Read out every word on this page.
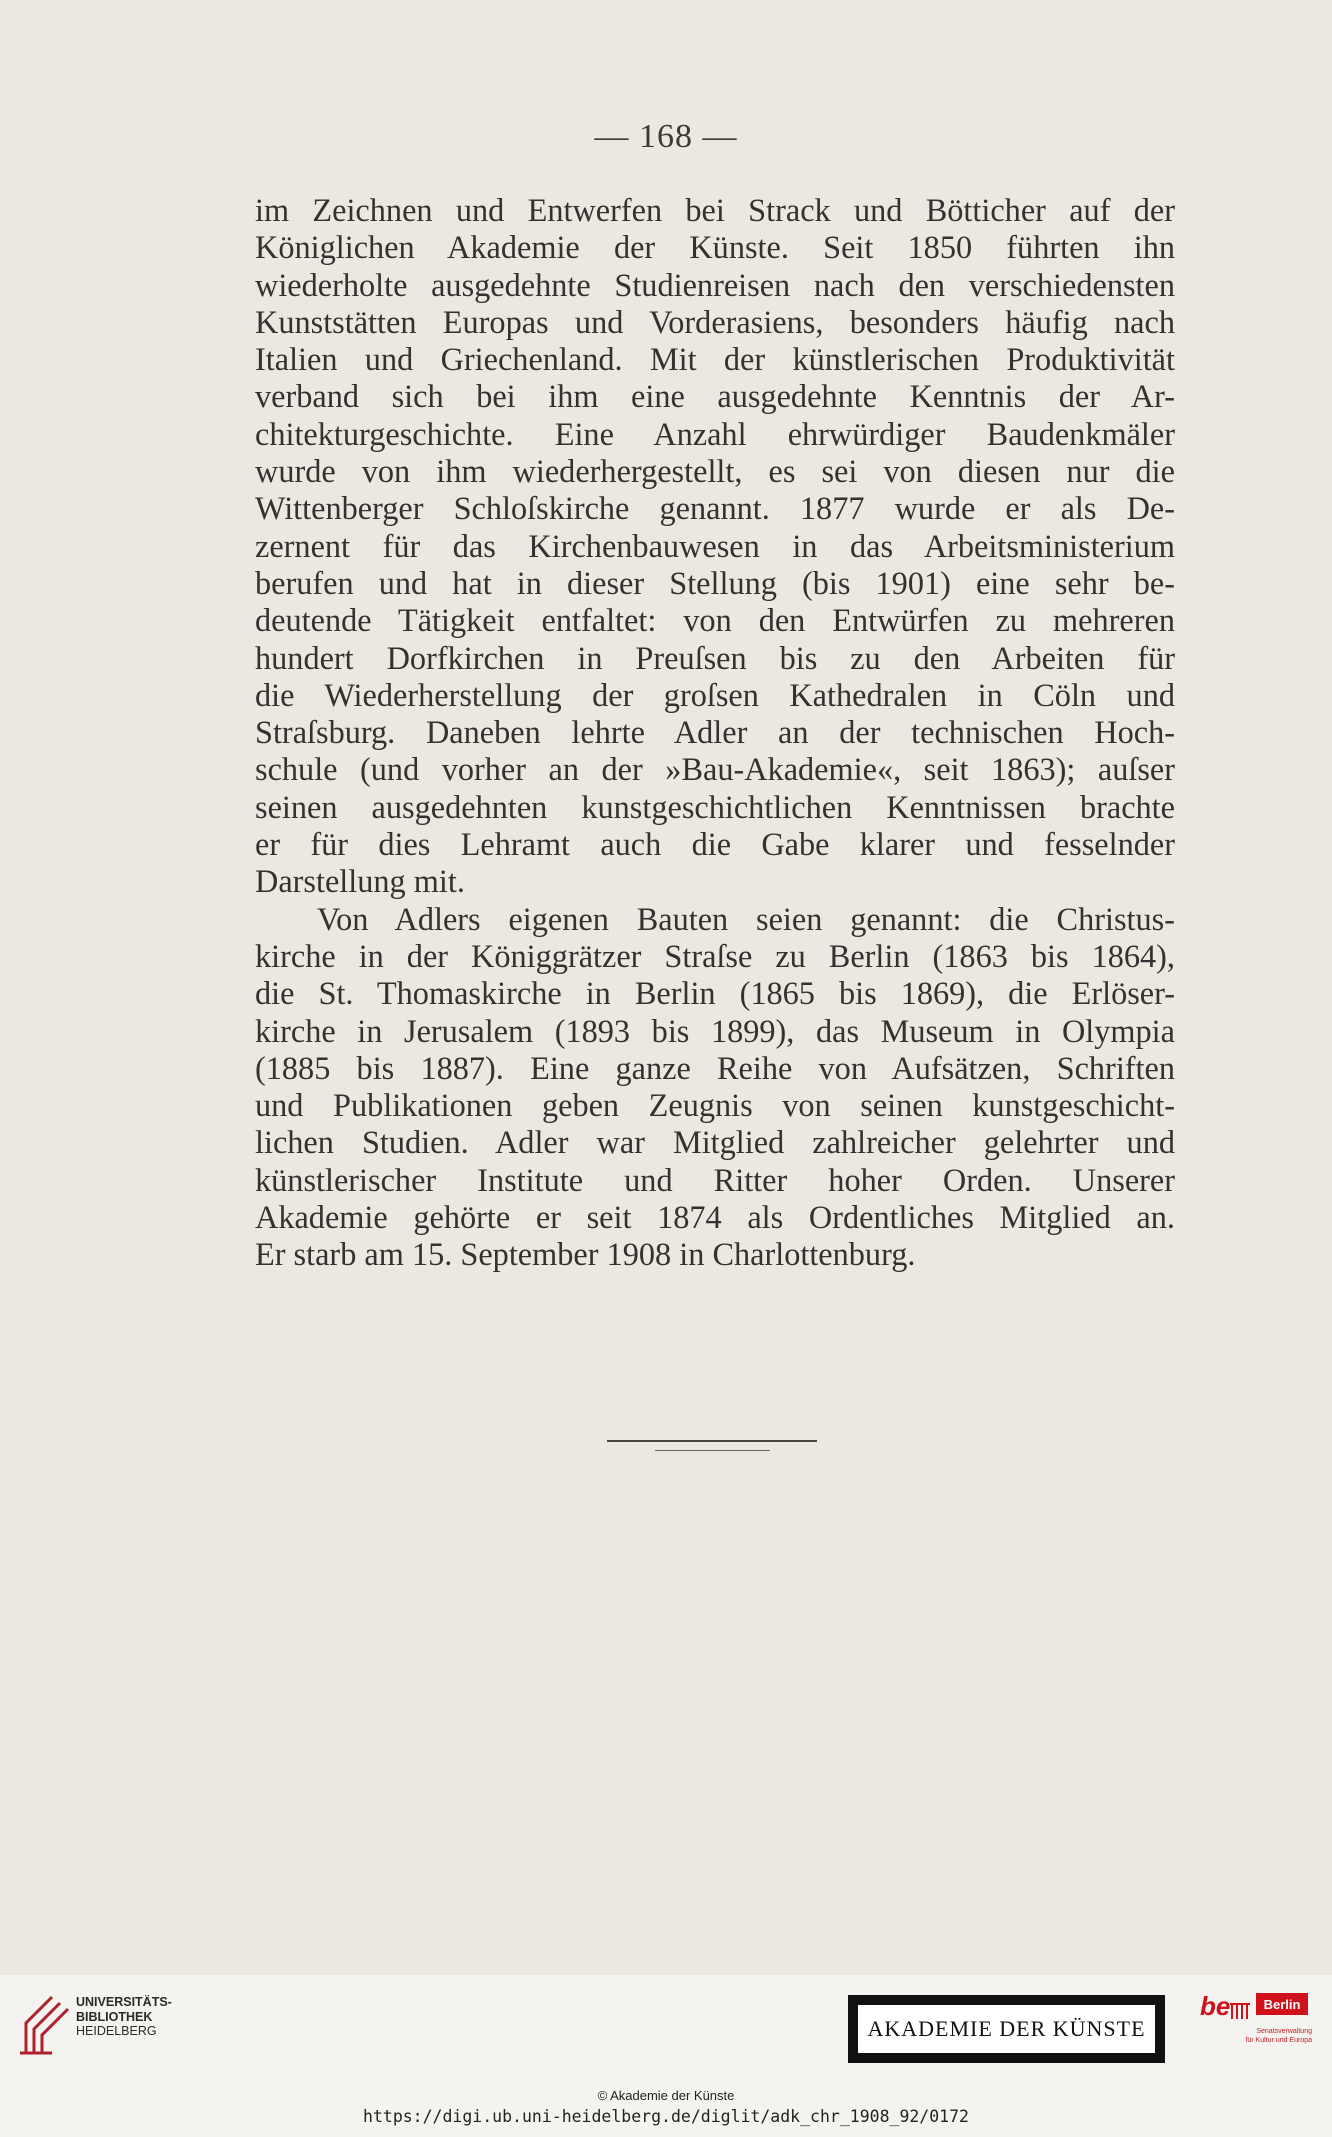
— 168 —
im Zeichnen und Entwerfen bei Strack und Bötticher auf der
Königlichen Akademie der Künste. Seit 1850 führten ihn
wiederholte ausgedehnte Studienreisen nach den verschiedensten
Kunststätten Europas und Vorderasiens, besonders häufig nach
Italien und Griechenland. Mit der künstlerischen Produktivität
verband sich bei ihm eine ausgedehnte Kenntnis der Ar-
chitekturgeschichte. Eine Anzahl ehrwürdiger Baudenkmäler
wurde von ihm wiederhergestellt, es sei von diesen nur die
Wittenberger Schloſskirche genannt. 1877 wurde er als De-
zernent für das Kirchenbauwesen in das Arbeitsministerium
berufen und hat in dieser Stellung (bis 1901) eine sehr be-
deutende Tätigkeit entfaltet: von den Entwürfen zu mehreren
hundert Dorfkirchen in Preuſsen bis zu den Arbeiten für
die Wiederherstellung der groſsen Kathedralen in Cöln und
Straſsburg. Daneben lehrte Adler an der technischen Hoch-
schule (und vorher an der »Bau-Akademie«, seit 1863); auſser
seinen ausgedehnten kunstgeschichtlichen Kenntnissen brachte
er für dies Lehramt auch die Gabe klarer und fesselnder
Darstellung mit.
Von Adlers eigenen Bauten seien genannt: die Christus-
kirche in der Königgrätzer Straſse zu Berlin (1863 bis 1864),
die St. Thomaskirche in Berlin (1865 bis 1869), die Erlöser-
kirche in Jerusalem (1893 bis 1899), das Museum in Olympia
(1885 bis 1887). Eine ganze Reihe von Aufsätzen, Schriften
und Publikationen geben Zeugnis von seinen kunstgeschicht-
lichen Studien. Adler war Mitglied zahlreicher gelehrter und
künstlerischer Institute und Ritter hoher Orden. Unserer
Akademie gehörte er seit 1874 als Ordentliches Mitglied an.
Er starb am 15. September 1908 in Charlottenburg.
UNIVERSITÄTS-
BIBLIOTHEK
HEIDELBERG	AKADEMIE DER KÜNSTE
be	Berlin
Senatsverwaltung
für Kultur und Europa
© Akademie der Künste
https://digi.ub.uni-heidelberg.de/diglit/adk_chr_1908_92/0172
